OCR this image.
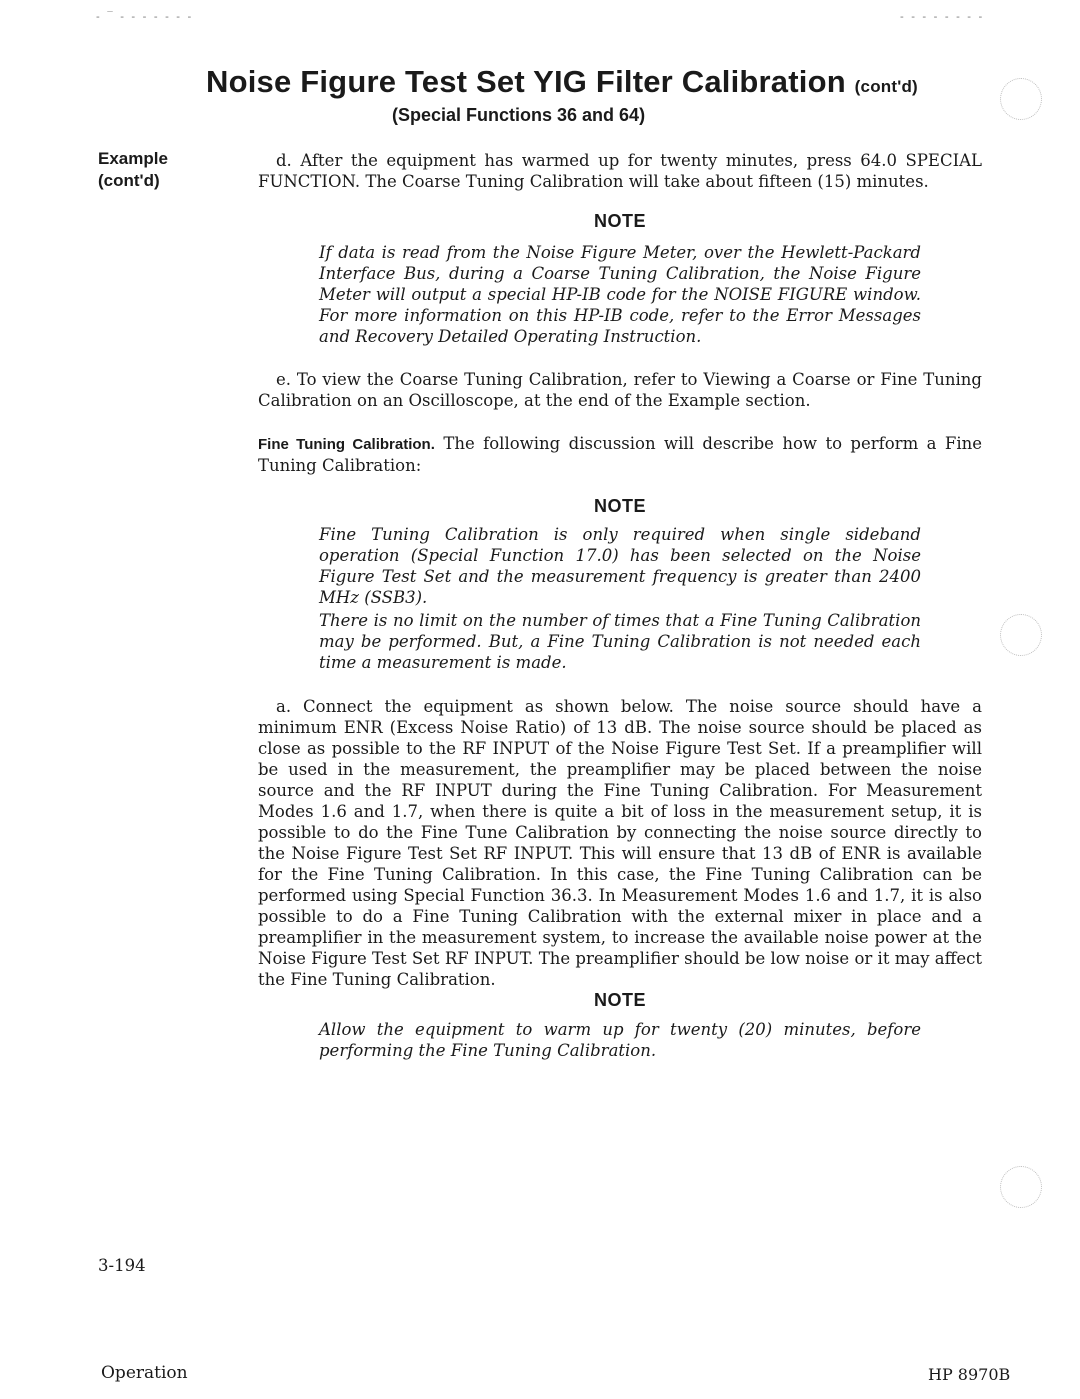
- ‾ - - - - - - -	- - - - - - - -
Noise Figure Test Set YIG Filter Calibration (cont'd)
(Special Functions 36 and 64)
Example
(cont'd)
d. After the equipment has warmed up for twenty minutes, press 64.0 SPECIAL FUNCTION. The Coarse Tuning Calibration will take about fifteen (15) minutes.
NOTE
If data is read from the Noise Figure Meter, over the Hewlett-Packard Interface Bus, during a Coarse Tuning Calibration, the Noise Figure Meter will output a special HP-IB code for the NOISE FIGURE window. For more information on this HP-IB code, refer to the Error Messages and Recovery Detailed Operating Instruction.
e. To view the Coarse Tuning Calibration, refer to Viewing a Coarse or Fine Tuning Calibration on an Oscilloscope, at the end of the Example section.
Fine Tuning Calibration. The following discussion will describe how to perform a Fine Tuning Calibration:
NOTE
Fine Tuning Calibration is only required when single sideband operation (Special Function 17.0) has been selected on the Noise Figure Test Set and the measurement frequency is greater than 2400 MHz (SSB3).
There is no limit on the number of times that a Fine Tuning Calibration may be performed. But, a Fine Tuning Calibration is not needed each time a measurement is made.
a. Connect the equipment as shown below. The noise source should have a minimum ENR (Excess Noise Ratio) of 13 dB. The noise source should be placed as close as possible to the RF INPUT of the Noise Figure Test Set. If a preamplifier will be used in the measurement, the preamplifier may be placed between the noise source and the RF INPUT during the Fine Tuning Calibration. For Measurement Modes 1.6 and 1.7, when there is quite a bit of loss in the measurement setup, it is possible to do the Fine Tune Calibration by connecting the noise source directly to the Noise Figure Test Set RF INPUT. This will ensure that 13 dB of ENR is available for the Fine Tuning Calibration. In this case, the Fine Tuning Calibration can be performed using Special Function 36.3. In Measurement Modes 1.6 and 1.7, it is also possible to do a Fine Tuning Calibration with the external mixer in place and a preamplifier in the measurement system, to increase the available noise power at the Noise Figure Test Set RF INPUT. The preamplifier should be low noise or it may affect the Fine Tuning Calibration.
NOTE
Allow the equipment to warm up for twenty (20) minutes, before performing the Fine Tuning Calibration.
3-194
Operation	HP 8970B
